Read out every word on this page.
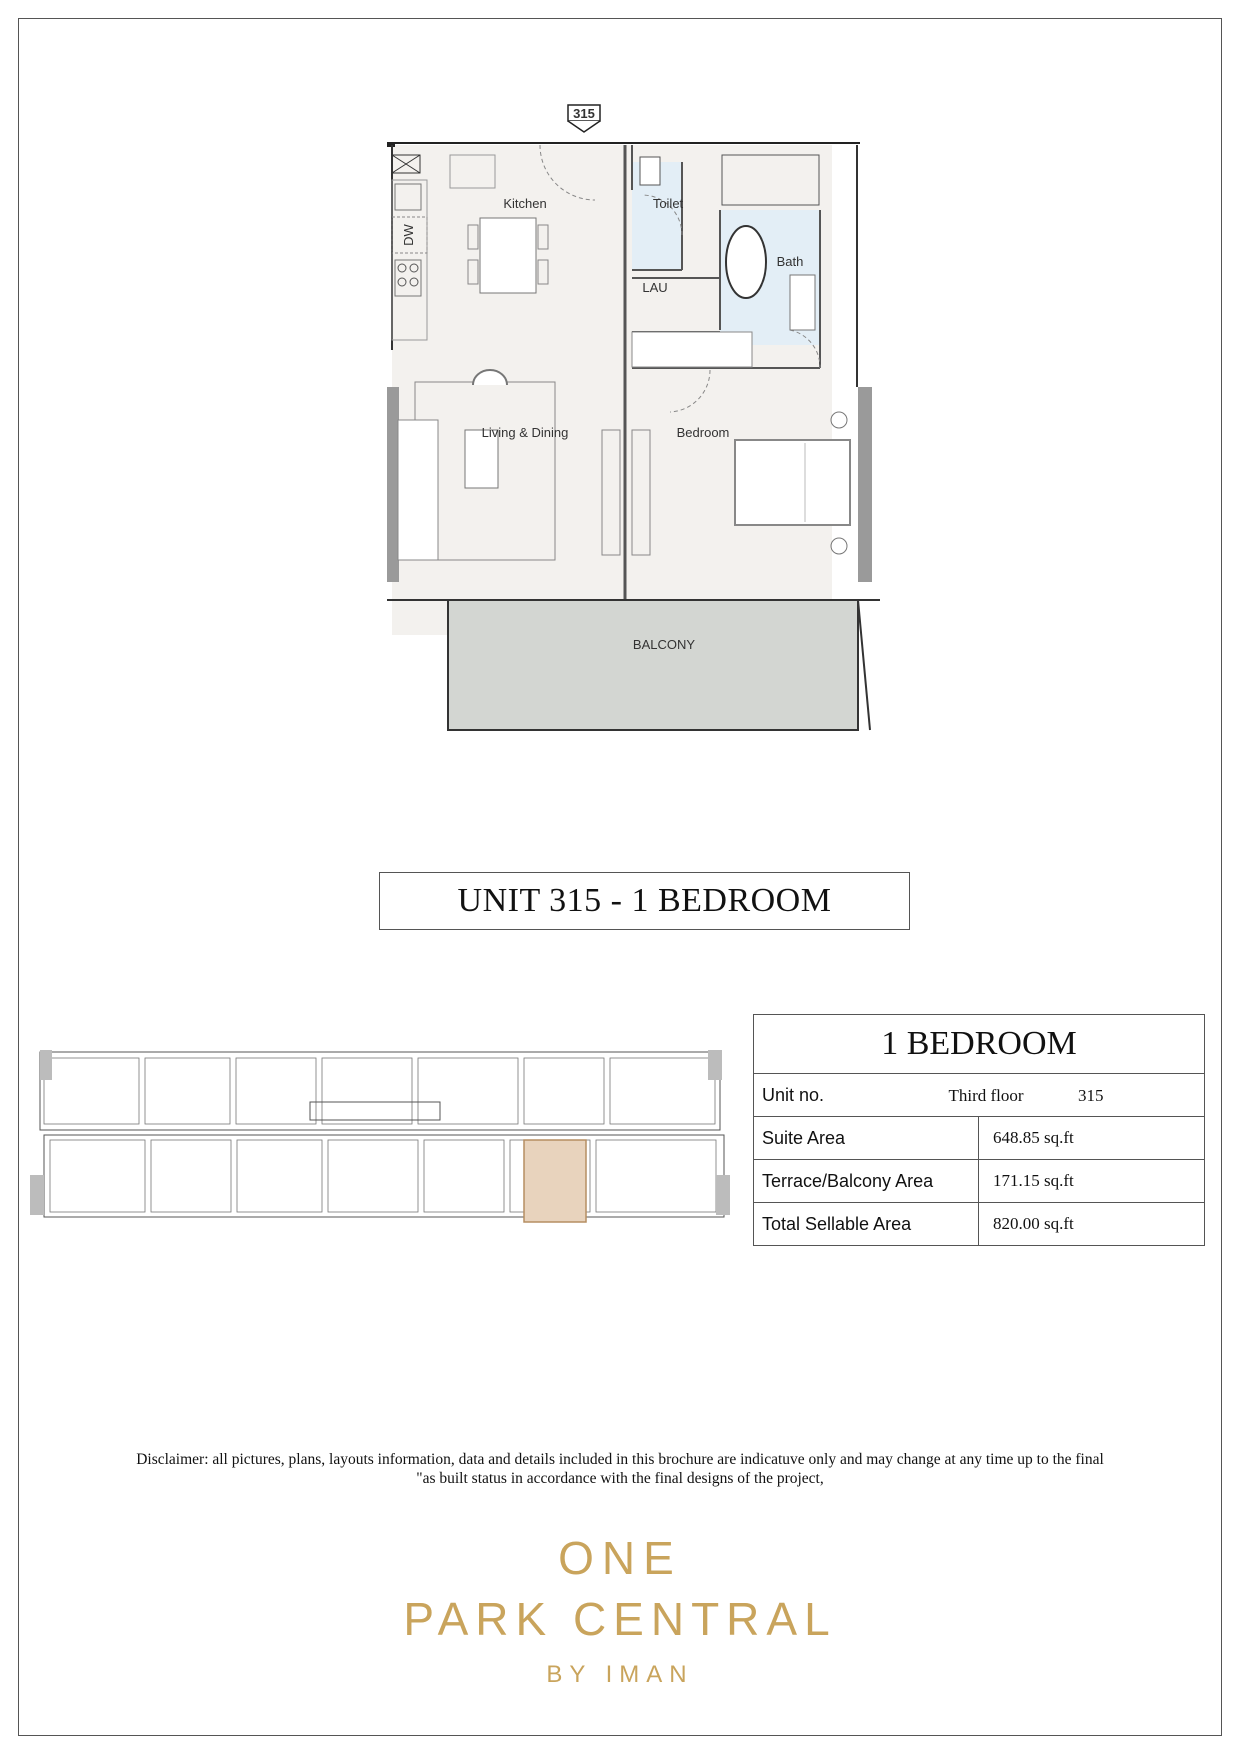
315
Kitchen	Toilet
Bath
LAU
Living & Dining	Bedroom
BALCONY
DW
UNIT 315 - 1 BEDROOM
1 BEDROOM	
Unit no. Third floor 315	
Suite Area	648.85 sq.ft
Terrace/Balcony Area	171.15 sq.ft
Total Sellable Area	820.00 sq.ft
Disclaimer: all pictures, plans, layouts information, data and details included in this brochure are indicatuve only and may change at any time up to the final
"as built status in accordance with the final designs of the project,
ONE
PARK CENTRAL
BY IMAN
